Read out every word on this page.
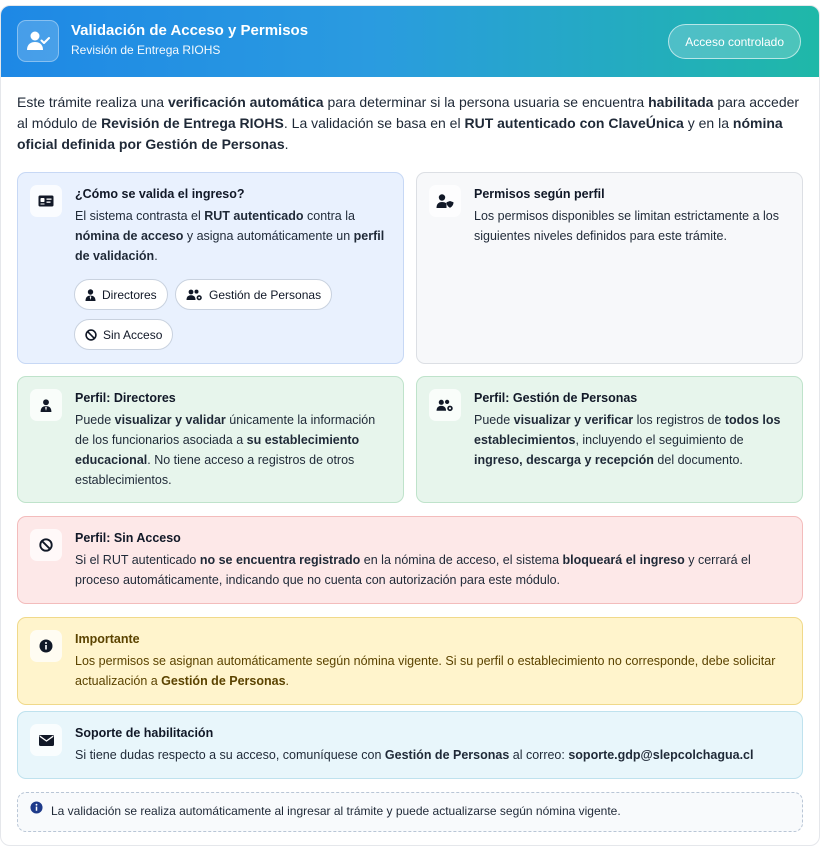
Validación de Acceso y Permisos
Revisión de Entrega RIOHS
Acceso controlado
Este trámite realiza una verificación automática para determinar si la persona usuaria se encuentra habilitada para acceder al módulo de Revisión de Entrega RIOHS. La validación se basa en el RUT autenticado con ClaveÚnica y en la nómina oficial definida por Gestión de Personas.
¿Cómo se valida el ingreso?
El sistema contrasta el RUT autenticado contra la nómina de acceso y asigna automáticamente un perfil de validación.
Directores	Gestión de Personas
Sin Acceso
Permisos según perfil
Los permisos disponibles se limitan estrictamente a los siguientes niveles definidos para este trámite.
Perfil: Directores
Puede visualizar y validar únicamente la información de los funcionarios asociada a su establecimiento educacional. No tiene acceso a registros de otros establecimientos.
Perfil: Gestión de Personas
Puede visualizar y verificar los registros de todos los establecimientos, incluyendo el seguimiento de ingreso, descarga y recepción del documento.
Perfil: Sin Acceso
Si el RUT autenticado no se encuentra registrado en la nómina de acceso, el sistema bloqueará el ingreso y cerrará el proceso automáticamente, indicando que no cuenta con autorización para este módulo.
Importante
Los permisos se asignan automáticamente según nómina vigente. Si su perfil o establecimiento no corresponde, debe solicitar actualización a Gestión de Personas.
Soporte de habilitación
Si tiene dudas respecto a su acceso, comuníquese con Gestión de Personas al correo: soporte.gdp@slepcolchagua.cl
La validación se realiza automáticamente al ingresar al trámite y puede actualizarse según nómina vigente.
